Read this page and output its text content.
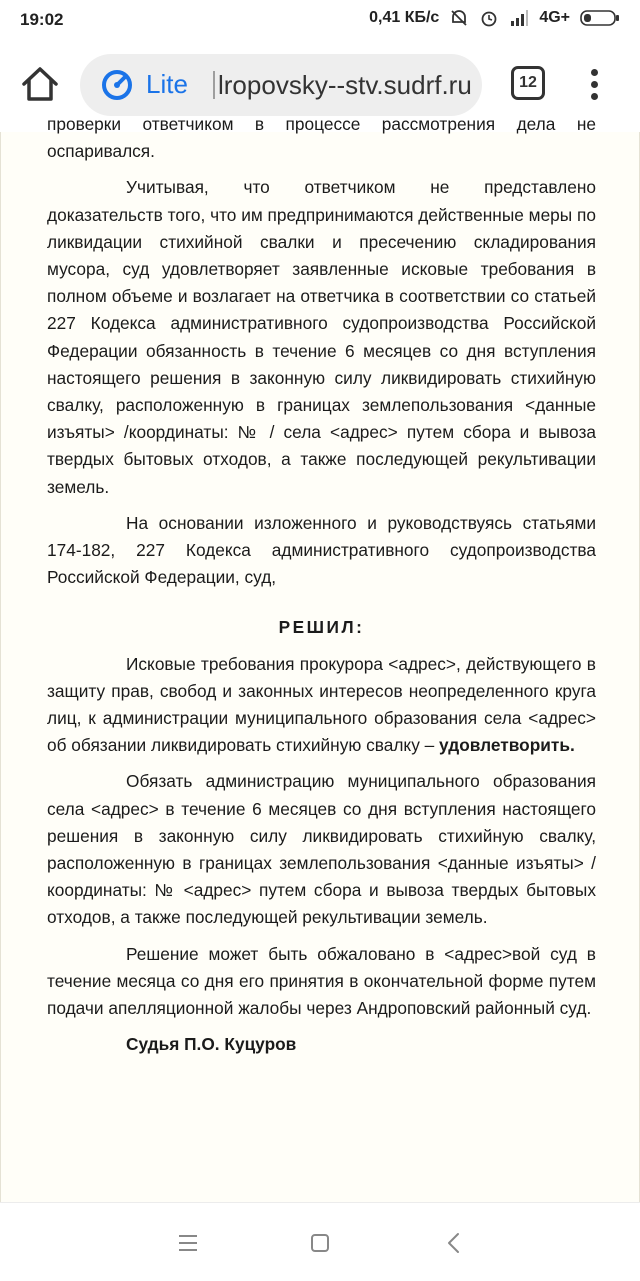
19:02	0,41 КБ/с	4G+
Lite lropovsky--stv.sudrf.ru	12

проверки ответчиком в процессе рассмотрения дела не оспаривался.

Учитывая, что ответчиком не представлено доказательств того, что им предпринимаются действенные меры по ликвидации стихийной свалки и пресечению складирования мусора, суд удовлетворяет заявленные исковые требования в полном объеме и возлагает на ответчика в соответствии со статьей 227 Кодекса административного судопроизводства Российской Федерации обязанность в течение 6 месяцев со дня вступления настоящего решения в законную силу ликвидировать стихийную свалку, расположенную в границах землепользования <данные изъяты> /координаты: № / села <адрес> путем сбора и вывоза твердых бытовых отходов, а также последующей рекультивации земель.

На основании изложенного и руководствуясь статьями 174-182, 227 Кодекса административного судопроизводства Российской Федерации, суд,

РЕШИЛ:

Исковые требования прокурора <адрес>, действующего в защиту прав, свобод и законных интересов неопределенного круга лиц, к администрации муниципального образования села <адрес> об обязании ликвидировать стихийную свалку – удовлетворить.

Обязать администрацию муниципального образования села <адрес> в течение 6 месяцев со дня вступления настоящего решения в законную силу ликвидировать стихийную свалку, расположенную в границах землепользования <данные изъяты> /координаты: № <адрес> путем сбора и вывоза твердых бытовых отходов, а также последующей рекультивации земель.

Решение может быть обжаловано в <адрес>вой суд в течение месяца со дня его принятия в окончательной форме путем подачи апелляционной жалобы через Андроповский районный суд.

Судья П.О. Куцуров
